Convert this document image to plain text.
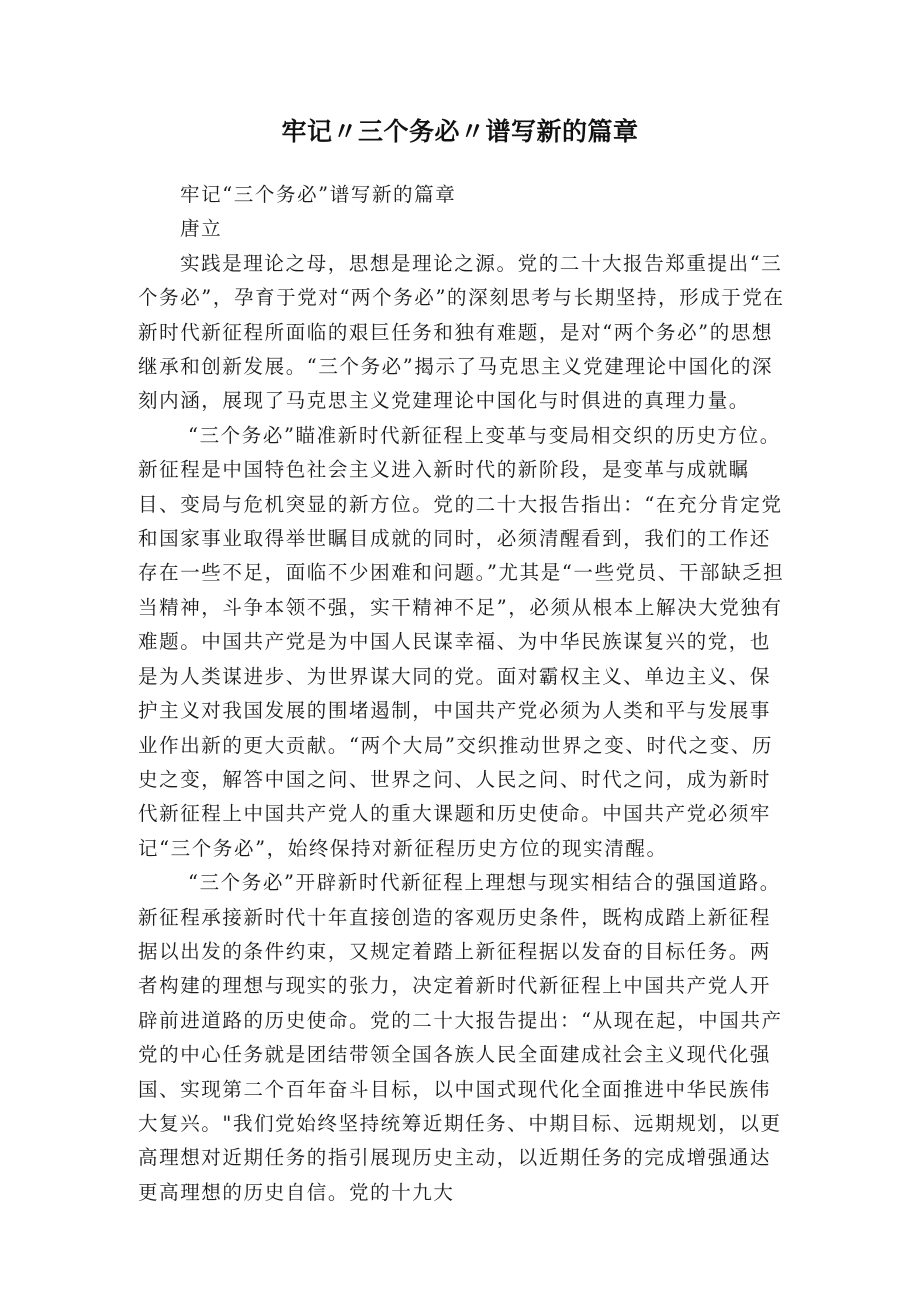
牢记〃三个务必〃谱写新的篇章

牢记“三个务必”谱写新的篇章

唐立

实践是理论之母，思想是理论之源。党的二十大报告郑重提出“三个务必”，孕育于党对“两个务必”的深刻思考与长期坚持，形成于党在新时代新征程所面临的艰巨任务和独有难题，是对“两个务必”的思想继承和创新发展。“三个务必”揭示了马克思主义党建理论中国化的深刻内涵，展现了马克思主义党建理论中国化与时俱进的真理力量。

“三个务必”瞄准新时代新征程上变革与变局相交织的历史方位。新征程是中国特色社会主义进入新时代的新阶段，是变革与成就瞩目、变局与危机突显的新方位。党的二十大报告指出：“在充分肯定党和国家事业取得举世瞩目成就的同时，必须清醒看到，我们的工作还存在一些不足，面临不少困难和问题。”尤其是“一些党员、干部缺乏担当精神，斗争本领不强，实干精神不足”，必须从根本上解决大党独有难题。中国共产党是为中国人民谋幸福、为中华民族谋复兴的党，也是为人类谋进步、为世界谋大同的党。面对霸权主义、单边主义、保护主义对我国发展的围堵遏制，中国共产党必须为人类和平与发展事业作出新的更大贡献。“两个大局”交织推动世界之变、时代之变、历史之变，解答中国之问、世界之问、人民之问、时代之问，成为新时代新征程上中国共产党人的重大课题和历史使命。中国共产党必须牢记“三个务必”，始终保持对新征程历史方位的现实清醒。

“三个务必”开辟新时代新征程上理想与现实相结合的强国道路。新征程承接新时代十年直接创造的客观历史条件，既构成踏上新征程据以出发的条件约束，又规定着踏上新征程据以发奋的目标任务。两者构建的理想与现实的张力，决定着新时代新征程上中国共产党人开辟前进道路的历史使命。党的二十大报告提出：“从现在起，中国共产党的中心任务就是团结带领全国各族人民全面建成社会主义现代化强国、实现第二个百年奋斗目标，以中国式现代化全面推进中华民族伟大复兴。"我们党始终坚持统筹近期任务、中期目标、远期规划，以更高理想对近期任务的指引展现历史主动，以近期任务的完成增强通达更高理想的历史自信。党的十九大
